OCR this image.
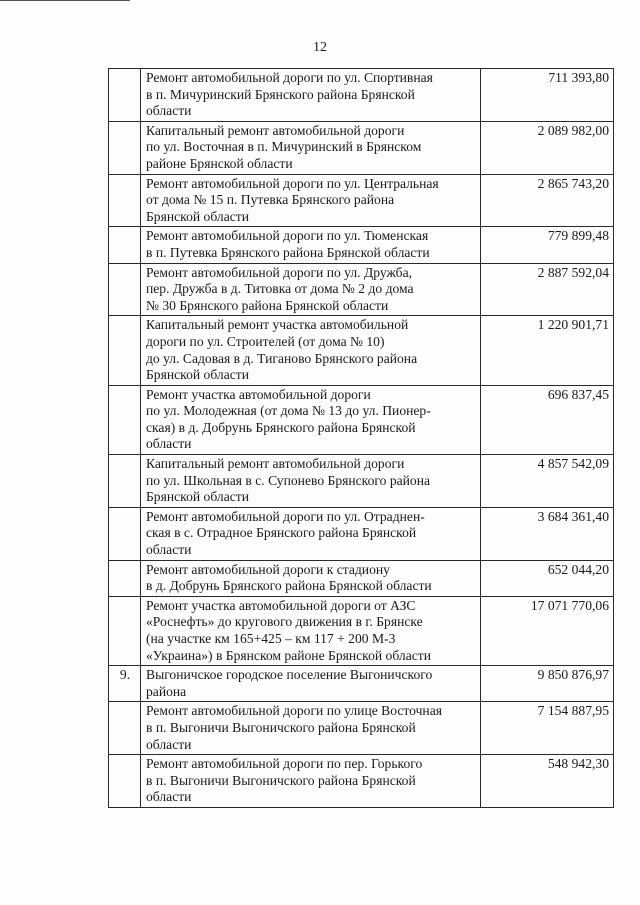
12

	Ремонт автомобильной дороги по ул. Спортивная
в п. Мичуринский Брянского района Брянской
области	711 393,80

	Капитальный ремонт автомобильной дороги
по ул. Восточная в п. Мичуринский в Брянском
районе Брянской области	2 089 982,00

	Ремонт автомобильной дороги по ул. Центральная
от дома № 15 п. Путевка Брянского района
Брянской области	2 865 743,20

	Ремонт автомобильной дороги по ул. Тюменская
в п. Путевка Брянского района Брянской области	779 899,48

	Ремонт автомобильной дороги по ул. Дружба,
пер. Дружба в д. Титовка от дома № 2 до дома
№ 30 Брянского района Брянской области	2 887 592,04

	Капитальный ремонт участка автомобильной
дороги по ул. Строителей (от дома № 10)
до ул. Садовая в д. Тиганово Брянского района
Брянской области	1 220 901,71

	Ремонт участка автомобильной дороги
по ул. Молодежная (от дома № 13 до ул. Пионер-
ская) в д. Добрунь Брянского района Брянской
области	696 837,45

	Капитальный ремонт автомобильной дороги
по ул. Школьная в с. Супонево Брянского района
Брянской области	4 857 542,09

	Ремонт автомобильной дороги по ул. Отраднен-
ская в с. Отрадное Брянского района Брянской
области	3 684 361,40

	Ремонт автомобильной дороги к стадиону
в д. Добрунь Брянского района Брянской области	652 044,20

	Ремонт участка автомобильной дороги от АЗС
«Роснефть» до кругового движения в г. Брянске
(на участке км 165+425 – км 117 + 200 М-3
«Украина») в Брянском районе Брянской области	17 071 770,06
9.	Выгоничское городское поселение Выгоничского
района	9 850 876,97

	Ремонт автомобильной дороги по улице Восточная
в п. Выгоничи Выгоничского района Брянской
области	7 154 887,95

	Ремонт автомобильной дороги по пер. Горького
в п. Выгоничи Выгоничского района Брянской
области	548 942,30
